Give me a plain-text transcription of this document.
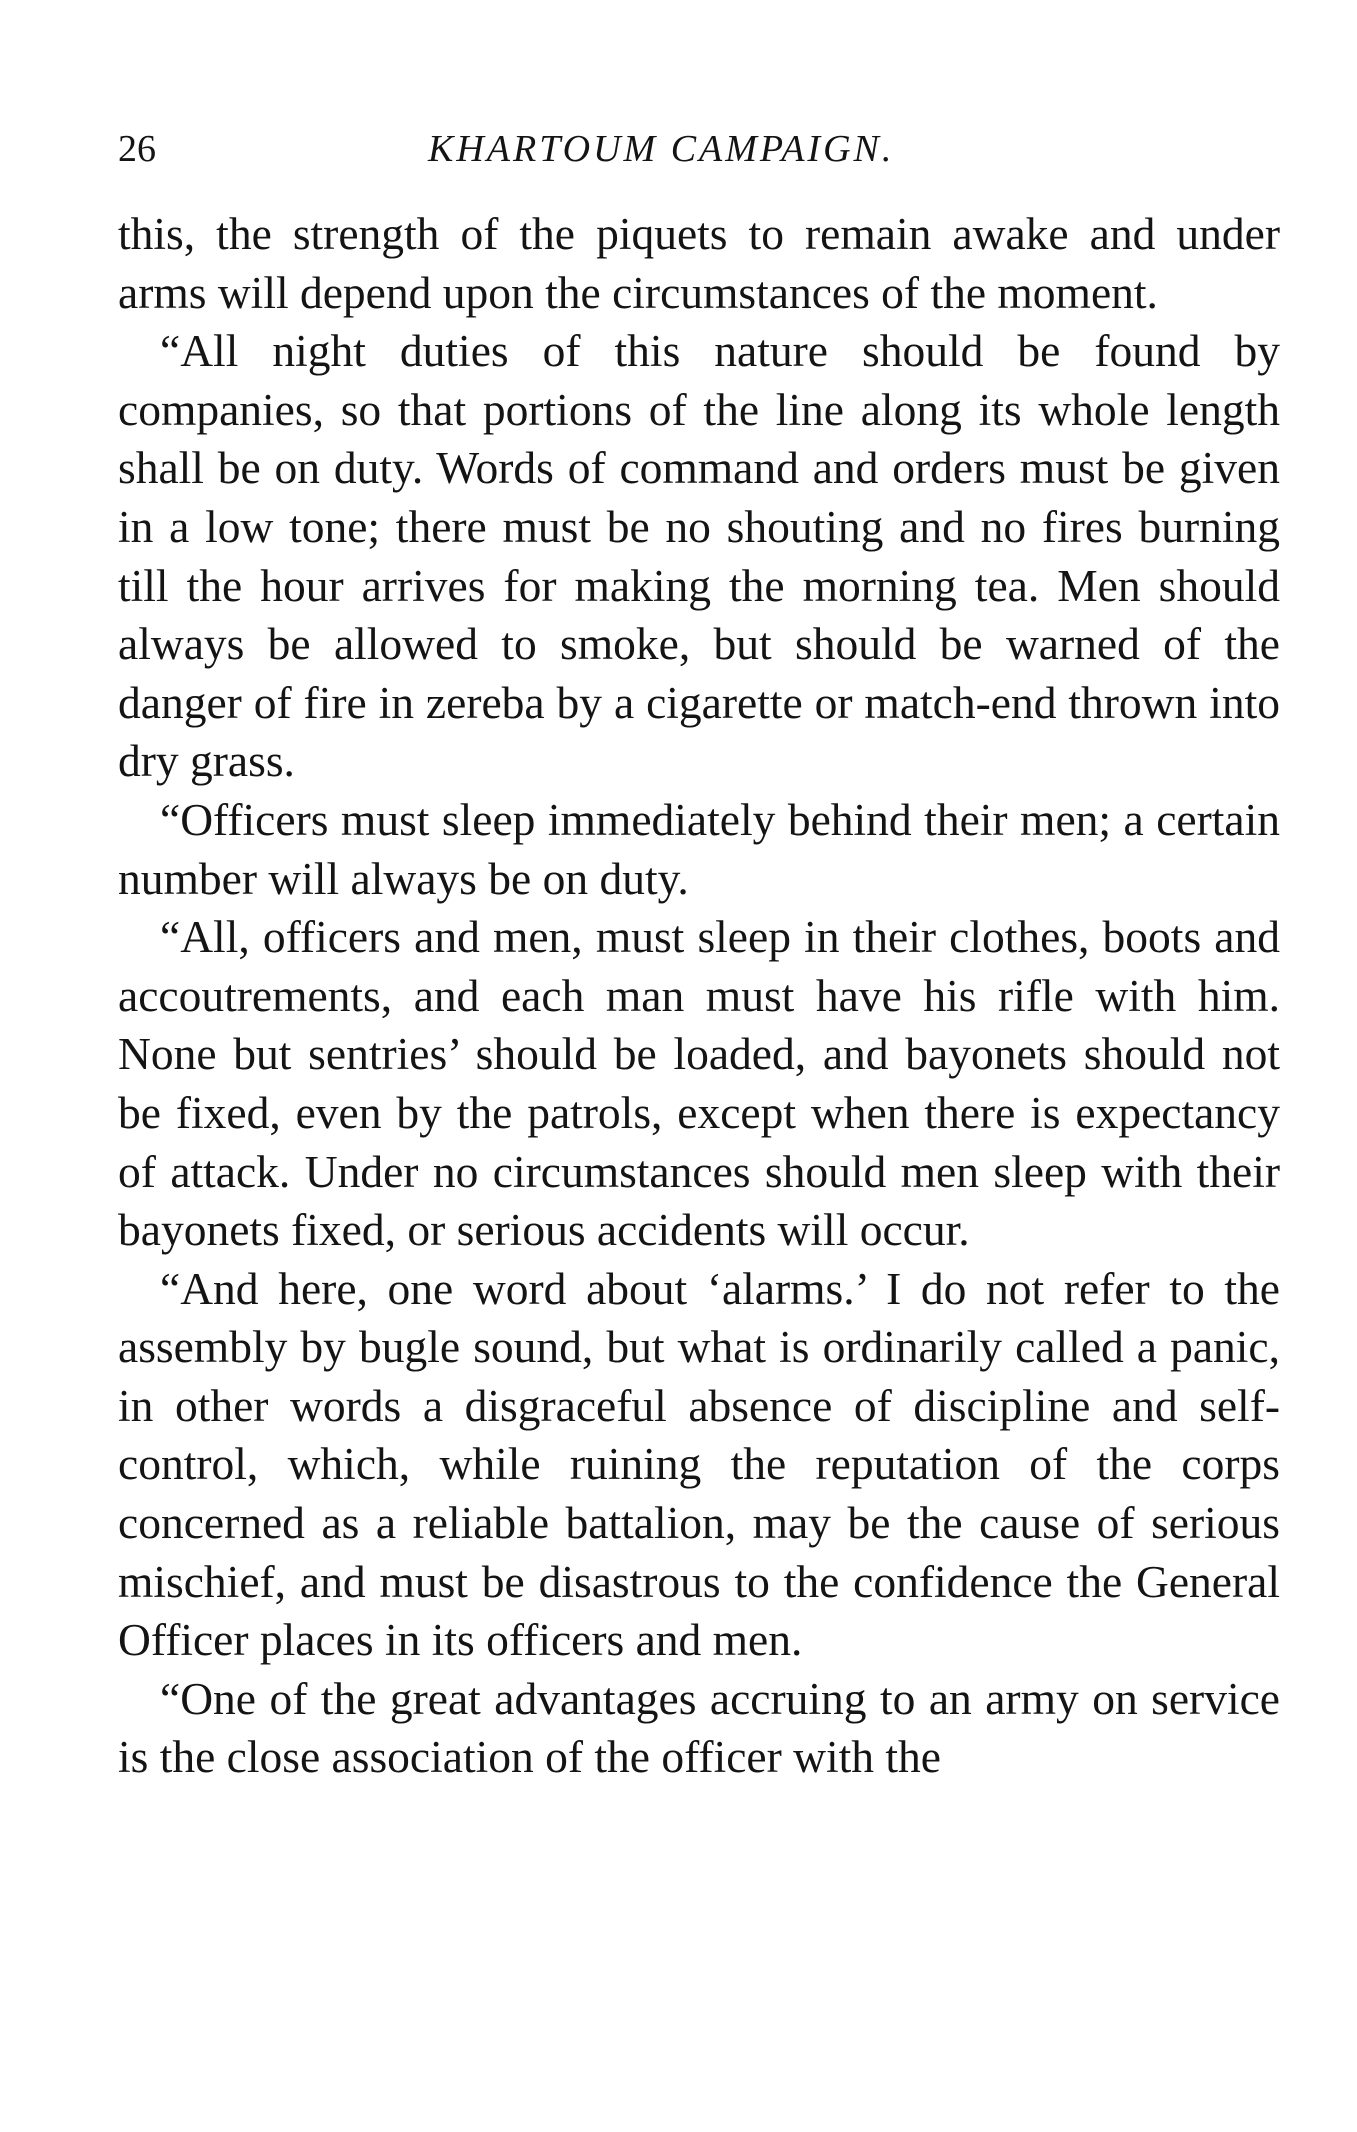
26	KHARTOUM CAMPAIGN.

this, the strength of the piquets to remain awake and under arms will depend upon the circumstances of the moment.

“All night duties of this nature should be found by companies, so that portions of the line along its whole length shall be on duty. Words of command and orders must be given in a low tone; there must be no shouting and no fires burning till the hour arrives for making the morning tea. Men should always be allowed to smoke, but should be warned of the danger of fire in zereba by a cigarette or match-end thrown into dry grass.

“Officers must sleep immediately behind their men; a certain number will always be on duty.

“All, officers and men, must sleep in their clothes, boots and accoutrements, and each man must have his rifle with him. None but sentries’ should be loaded, and bayonets should not be fixed, even by the patrols, except when there is expectancy of attack. Under no circumstances should men sleep with their bayonets fixed, or serious accidents will occur.

“And here, one word about ‘alarms.’ I do not refer to the assembly by bugle sound, but what is ordinarily called a panic, in other words a disgraceful absence of discipline and self-control, which, while ruining the reputation of the corps concerned as a reliable battalion, may be the cause of serious mischief, and must be disastrous to the confidence the General Officer places in its officers and men.

“One of the great advantages accruing to an army on service is the close association of the officer with the
